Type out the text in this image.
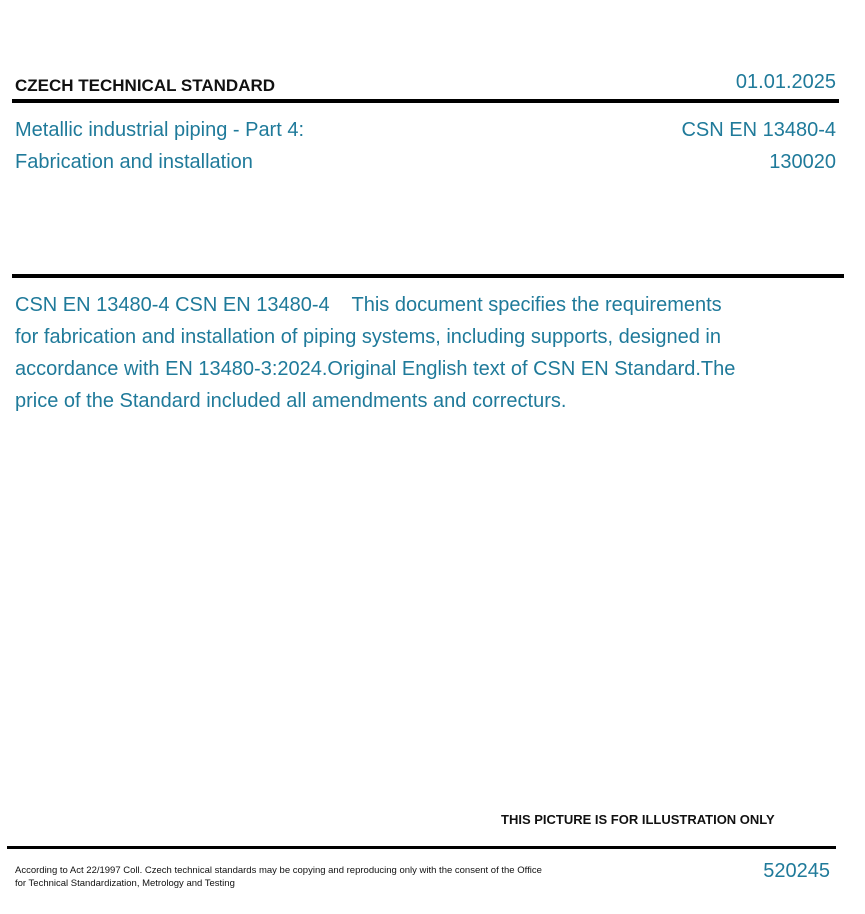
CZECH TECHNICAL STANDARD	01.01.2025
Metallic industrial piping - Part 4: Fabrication and installation
CSN EN 13480-4
130020
CSN EN 13480-4 CSN EN 13480-4 This document specifies the requirements for fabrication and installation of piping systems, including supports, designed in accordance with EN 13480-3:2024.Original English text of CSN EN Standard.The price of the Standard included all amendments and correcturs.
THIS PICTURE IS FOR ILLUSTRATION ONLY
According to Act 22/1997 Coll. Czech technical standards may be copying and reproducing only with the consent of the Office
for Technical Standardization, Metrology and Testing
520245
